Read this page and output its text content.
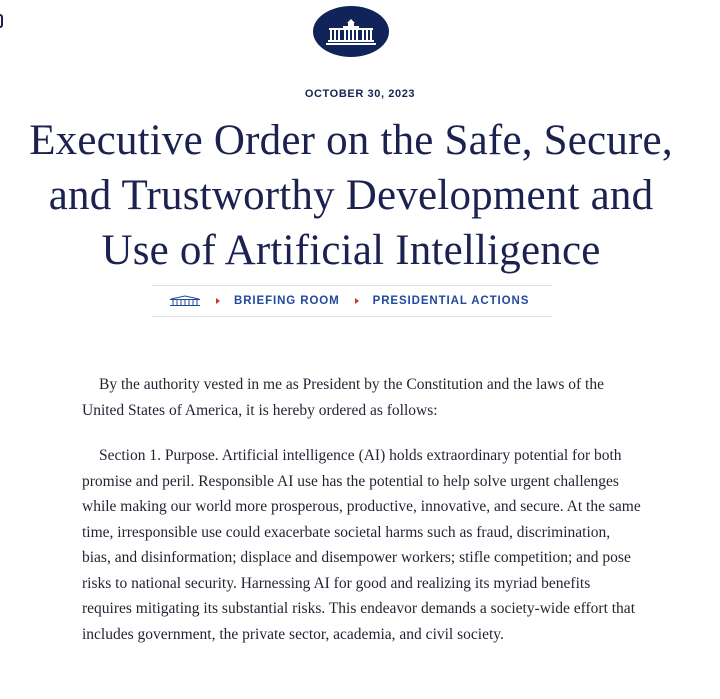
OCTOBER 30, 2023
Executive Order on the Safe, Secure,
and Trustworthy Development and
Use of Artificial Intelligence
BRIEFING ROOM	PRESIDENTIAL ACTIONS

By the authority vested in me as President by the Constitution and the laws of the United States of America, it is hereby ordered as follows:

Section 1. Purpose. Artificial intelligence (AI) holds extraordinary potential for both promise and peril. Responsible AI use has the potential to help solve urgent challenges while making our world more prosperous, productive, innovative, and secure. At the same time, irresponsible use could exacerbate societal harms such as fraud, discrimination, bias, and disinformation; displace and disempower workers; stifle competition; and pose risks to national security. Harnessing AI for good and realizing its myriad benefits requires mitigating its substantial risks. This endeavor demands a society-wide effort that includes government, the private sector, academia, and civil society.
